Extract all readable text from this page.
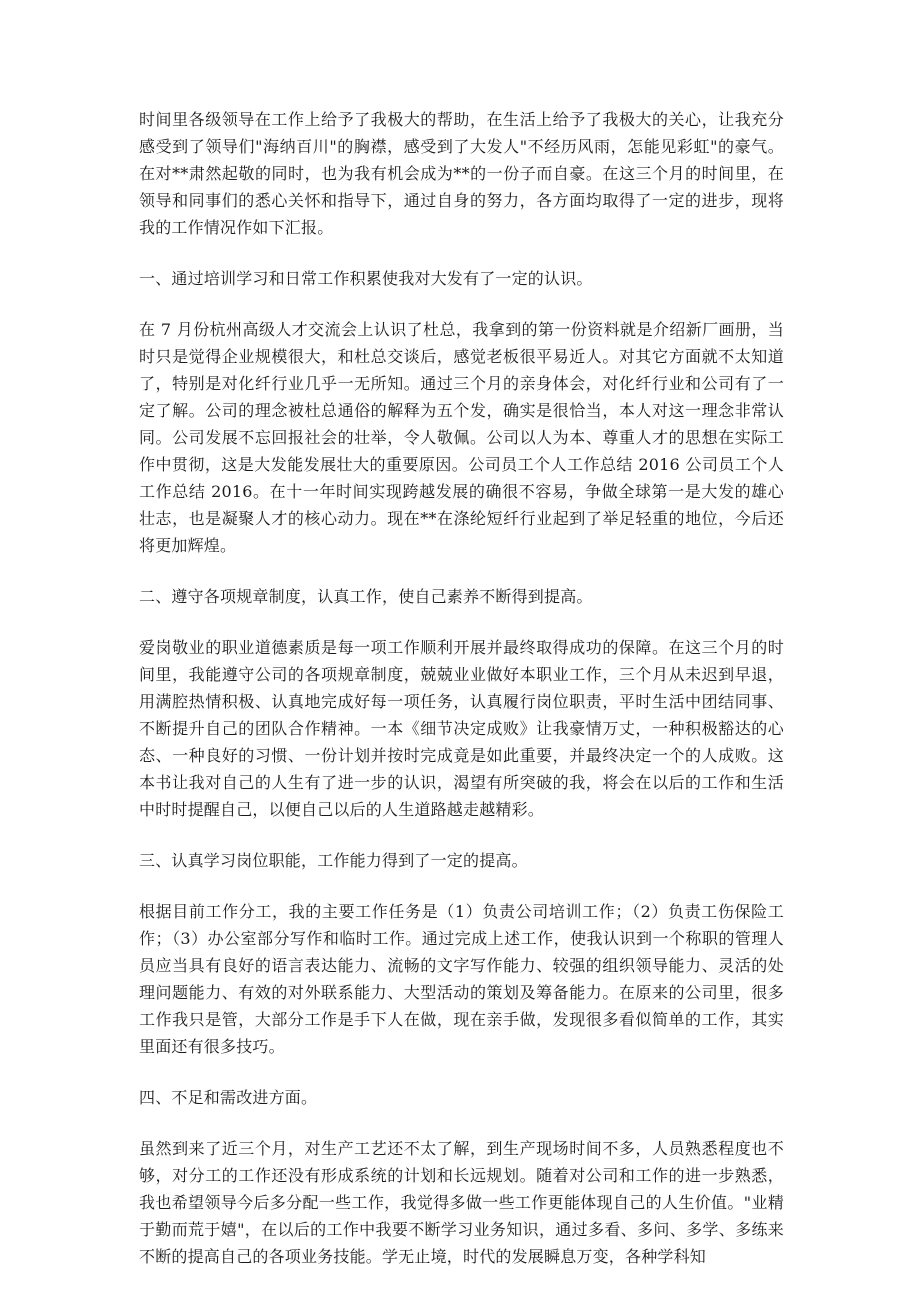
时间里各级领导在工作上给予了我极大的帮助，在生活上给予了我极大的关心，让我充分感受到了领导们"海纳百川"的胸襟，感受到了大发人"不经历风雨，怎能见彩虹"的豪气。在对**肃然起敬的同时，也为我有机会成为**的一份子而自豪。在这三个月的时间里，在领导和同事们的悉心关怀和指导下，通过自身的努力，各方面均取得了一定的进步，现将我的工作情况作如下汇报。

一、通过培训学习和日常工作积累使我对大发有了一定的认识。

在 7 月份杭州高级人才交流会上认识了杜总，我拿到的第一份资料就是介绍新厂画册，当时只是觉得企业规模很大，和杜总交谈后，感觉老板很平易近人。对其它方面就不太知道了，特别是对化纤行业几乎一无所知。通过三个月的亲身体会，对化纤行业和公司有了一定了解。公司的理念被杜总通俗的解释为五个发，确实是很恰当，本人对这一理念非常认同。公司发展不忘回报社会的壮举，令人敬佩。公司以人为本、尊重人才的思想在实际工作中贯彻，这是大发能发展壮大的重要原因。公司员工个人工作总结 2016 公司员工个人工作总结 2016。在十一年时间实现跨越发展的确很不容易，争做全球第一是大发的雄心壮志，也是凝聚人才的核心动力。现在**在涤纶短纤行业起到了举足轻重的地位，今后还将更加辉煌。

二、遵守各项规章制度，认真工作，使自己素养不断得到提高。

爱岗敬业的职业道德素质是每一项工作顺利开展并最终取得成功的保障。在这三个月的时间里，我能遵守公司的各项规章制度，兢兢业业做好本职业工作，三个月从未迟到早退，用满腔热情积极、认真地完成好每一项任务，认真履行岗位职责，平时生活中团结同事、不断提升自己的团队合作精神。一本《细节决定成败》让我豪情万丈，一种积极豁达的心态、一种良好的习惯、一份计划并按时完成竟是如此重要，并最终决定一个的人成败。这本书让我对自己的人生有了进一步的认识，渴望有所突破的我，将会在以后的工作和生活中时时提醒自己，以便自己以后的人生道路越走越精彩。

三、认真学习岗位职能，工作能力得到了一定的提高。

根据目前工作分工，我的主要工作任务是（1）负责公司培训工作；（2）负责工伤保险工作；（3）办公室部分写作和临时工作。通过完成上述工作，使我认识到一个称职的管理人员应当具有良好的语言表达能力、流畅的文字写作能力、较强的组织领导能力、灵活的处理问题能力、有效的对外联系能力、大型活动的策划及筹备能力。在原来的公司里，很多工作我只是管，大部分工作是手下人在做，现在亲手做，发现很多看似简单的工作，其实里面还有很多技巧。

四、不足和需改进方面。

虽然到来了近三个月，对生产工艺还不太了解，到生产现场时间不多，人员熟悉程度也不够，对分工的工作还没有形成系统的计划和长远规划。随着对公司和工作的进一步熟悉，我也希望领导今后多分配一些工作，我觉得多做一些工作更能体现自己的人生价值。"业精于勤而荒于嬉"，在以后的工作中我要不断学习业务知识，通过多看、多问、多学、多练来不断的提高自己的各项业务技能。学无止境，时代的发展瞬息万变，各种学科知
